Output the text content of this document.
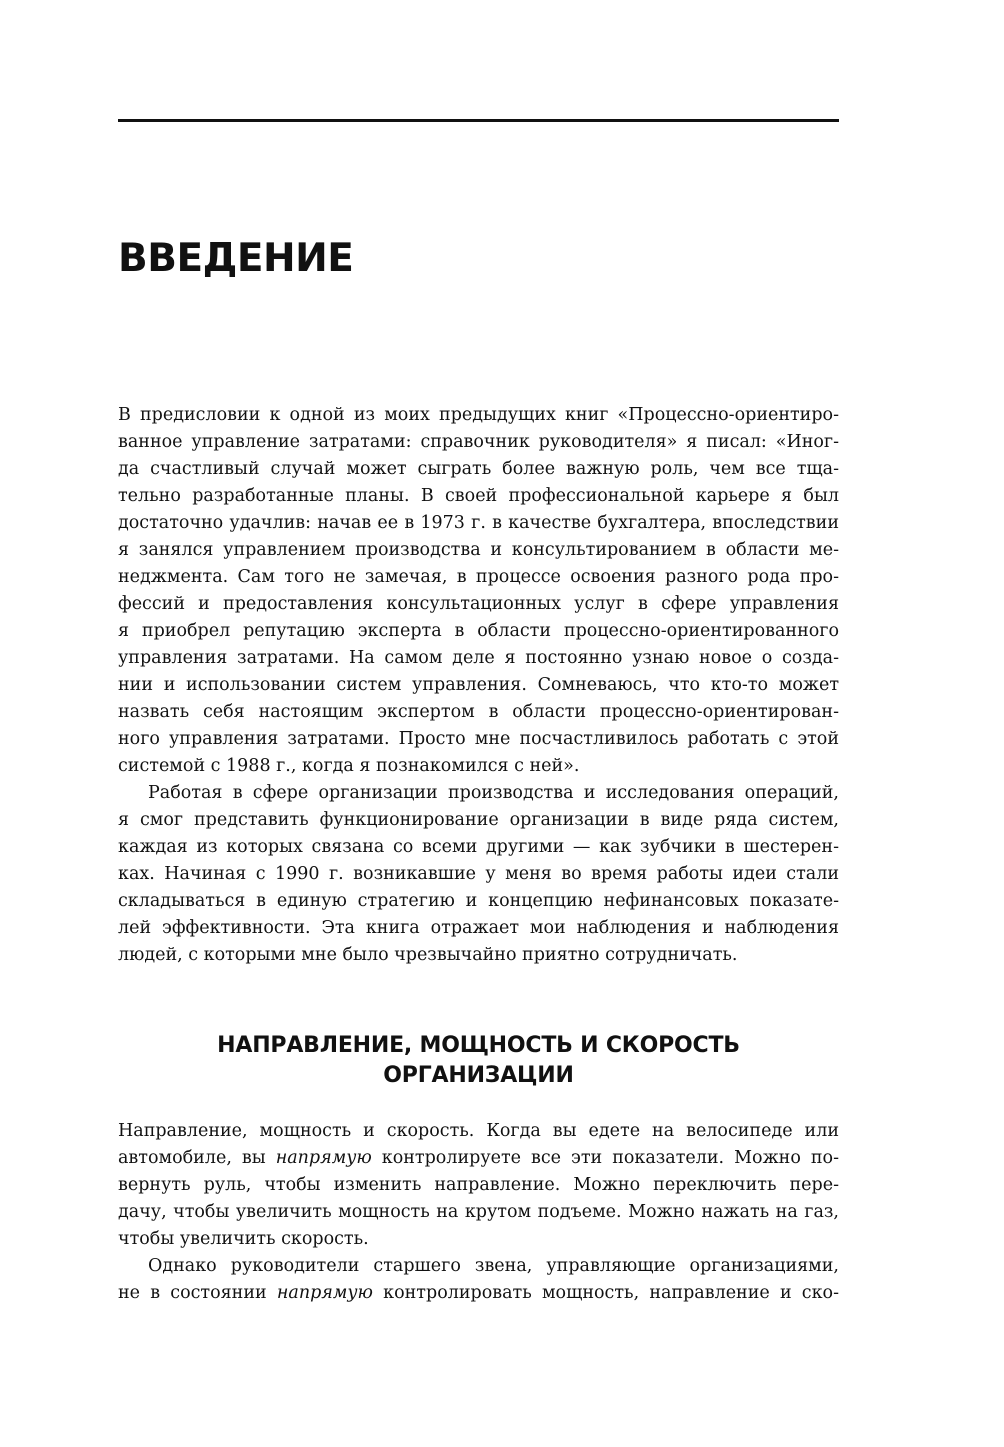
ВВЕДЕНИЕ
В предисловии к одной из моих предыдущих книг «Процессно-ориентиро-
ванное управление затратами: справочник руководителя» я писал: «Иног-
да счастливый случай может сыграть более важную роль, чем все тща-
тельно разработанные планы. В своей профессиональной карьере я был
достаточно удачлив: начав ее в 1973 г. в качестве бухгалтера, впоследствии
я занялся управлением производства и консультированием в области ме-
неджмента. Сам того не замечая, в процессе освоения разного рода про-
фессий и предоставления консультационных услуг в сфере управления
я приобрел репутацию эксперта в области процессно-ориентированного
управления затратами. На самом деле я постоянно узнаю новое о созда-
нии и использовании систем управления. Сомневаюсь, что кто-то может
назвать себя настоящим экспертом в области процессно-ориентирован-
ного управления затратами. Просто мне посчастливилось работать с этой
системой с 1988 г., когда я познакомился с ней».
Работая в сфере организации производства и исследования операций,
я смог представить функционирование организации в виде ряда систем,
каждая из которых связана со всеми другими — как зубчики в шестерен-
ках. Начиная с 1990 г. возникавшие у меня во время работы идеи стали
складываться в единую стратегию и концепцию нефинансовых показате-
лей эффективности. Эта книга отражает мои наблюдения и наблюдения
людей, с которыми мне было чрезвычайно приятно сотрудничать.
НАПРАВЛЕНИЕ, МОЩНОСТЬ И СКОРОСТЬ
ОРГАНИЗАЦИИ
Направление, мощность и скорость. Когда вы едете на велосипеде или
автомобиле, вы напрямую контролируете все эти показатели. Можно по-
вернуть руль, чтобы изменить направление. Можно переключить пере-
дачу, чтобы увеличить мощность на крутом подъеме. Можно нажать на газ,
чтобы увеличить скорость.
Однако руководители старшего звена, управляющие организациями,
не в состоянии напрямую контролировать мощность, направление и ско-
